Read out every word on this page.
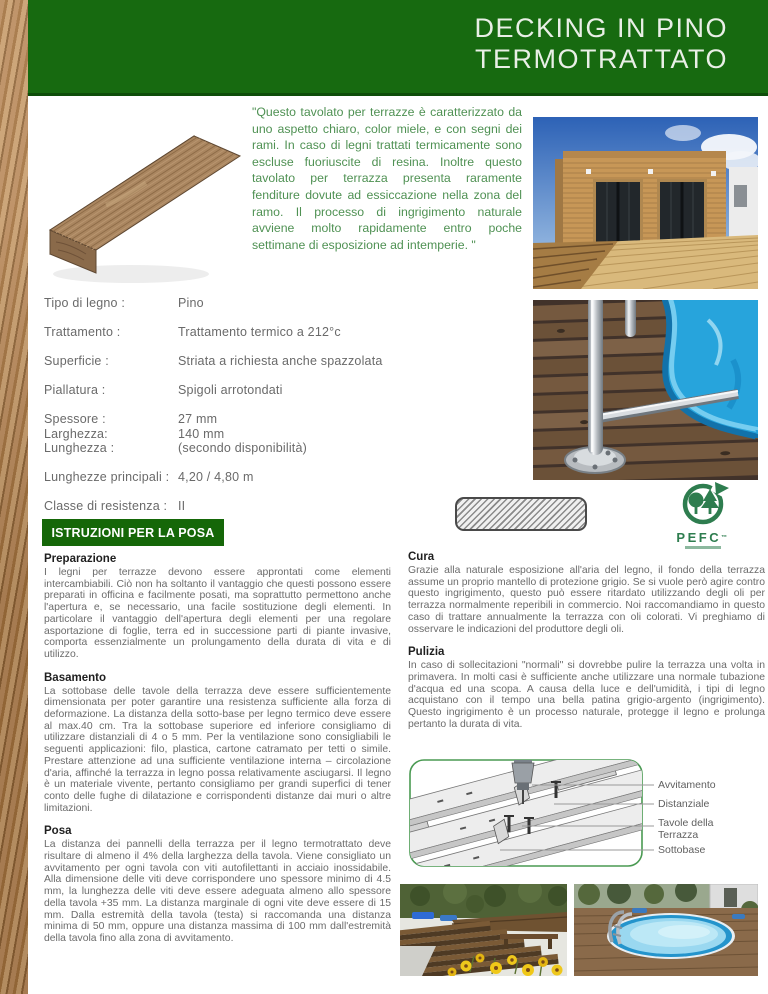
DECKING IN PINO
TERMOTRATTATO
"Questo tavolato per terrazze è caratterizzato da uno aspetto chiaro, color miele, e con segni dei rami. In caso di legni trattati termicamente sono escluse fuoriuscite di resina. Inoltre questo tavolato per terrazza presenta raramente fenditure dovute ad essiccazione nella zona del ramo. Il processo di ingrigimento naturale avviene molto rapidamente entro poche settimane di esposizione ad intemperie. "
Tipo di legno :	Pino
Trattamento :	Trattamento termico a 212°c
Superficie :	Striata a richiesta anche spazzolata
Piallatura :	Spigoli arrotondati
Spessore :	27 mm
Larghezza:	140 mm
Lunghezza :	(secondo disponibilità)
Lunghezze principali : 4,20 / 4,80 m
Classe di resistenza : II
PEFC™
ISTRUZIONI PER LA POSA
Preparazione
I legni per terrazze devono essere approntati come elementi intercambiabili. Ciò non ha soltanto il vantaggio che questi possono essere preparati in officina e facilmente posati, ma soprattutto permettono anche l'apertura e, se necessario, una facile sostituzione degli elementi. In particolare il vantaggio dell'apertura degli elementi per una regolare asportazione di foglie, terra ed in successione parti di piante invasive, comporta essenzialmente un prolungamento della durata di vita e di utilizzo.
Basamento
La sottobase delle tavole della terrazza deve essere sufficientemente dimensionata per poter garantire una resistenza sufficiente alla forza di deformazione. La distanza della sotto-base per legno termico deve essere al max.40 cm. Tra la sottobase superiore ed inferiore consigliamo di utilizzare distanziali di 4 o 5 mm. Per la ventilazione sono consigliabili le seguenti applicazioni: filo, plastica, cartone catramato per tetti o simile. Prestare attenzione ad una sufficiente ventilazione interna – circolazione d'aria, affinché la terrazza in legno possa relativamente asciugarsi. Il legno è un materiale vivente, pertanto consigliamo per grandi superfici di tener conto delle fughe di dilatazione e corrispondenti distanze dai muri o altre limitazioni.
Posa
La distanza dei pannelli della terrazza per il legno termotrattato deve risultare di almeno il 4% della larghezza della tavola. Viene consigliato un avvitamento per ogni tavola con viti autofilettanti in acciaio inossidabile. Alla dimensione delle viti deve corrispondere uno spessore minimo di 4.5 mm, la lunghezza delle viti deve essere adeguata almeno allo spessore della tavola +35 mm. La distanza marginale di ogni vite deve essere di 15 mm. Dalla estremità della tavola (testa) si raccomanda una distanza minima di 50 mm, oppure una distanza massima di 100 mm dall'estremità della tavola fino alla zona di avvitamento.
Cura
Grazie alla naturale esposizione all'aria del legno, il fondo della terrazza assume un proprio mantello di protezione grigio. Se si vuole però agire contro questo ingrigimento, questo può essere ritardato utilizzando degli oli per terrazza normalmente reperibili in commercio. Noi raccomandiamo in questo caso di trattare annualmente la terrazza con oli colorati. Vi preghiamo di osservare le indicazioni del produttore degli oli.
Pulizia
In caso di sollecitazioni "normali" si dovrebbe pulire la terrazza una volta in primavera. In molti casi è sufficiente anche utilizzare una normale tubazione d'acqua ed una scopa. A causa della luce e dell'umidità, i tipi di legno acquistano con il tempo una bella patina grigio-argento (ingrigimento). Questo ingrigimento è un processo naturale, protegge il legno e prolunga pertanto la durata di vita.
Avvitamento
Distanziale
Tavole della
Terrazza
Sottobase
